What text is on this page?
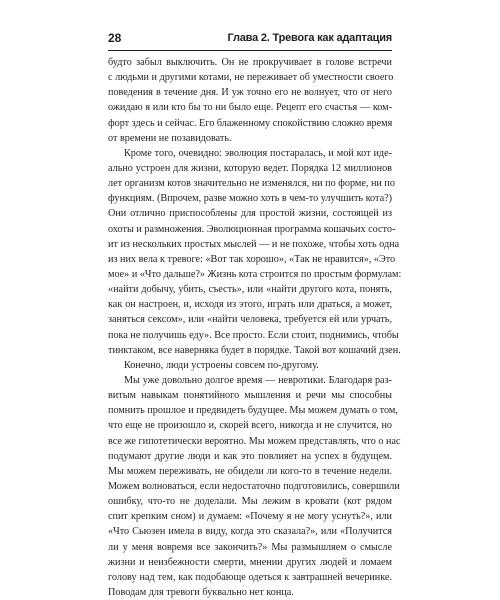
28	Глава 2. Тревога как адаптация
будто забыл выключить. Он не прокручивает в голове встречи
с людьми и другими котами, не переживает об уместности своего
поведения в течение дня. И уж точно его не волнует, что от него
ожидаю я или кто бы то ни было еще. Рецепт его счастья — ком-
форт здесь и сейчас. Его блаженному спокойствию сложно время
от времени не позавидовать.
Кроме того, очевидно: эволюция постаралась, и мой кот иде-
ально устроен для жизни, которую ведет. Порядка 12 миллионов
лет организм котов значительно не изменялся, ни по форме, ни по
функциям. (Впрочем, разве можно хоть в чем-то улучшить кота?)
Они отлично приспособлены для простой жизни, состоящей из
охоты и размножения. Эволюционная программа кошачьих состо-
ит из нескольких простых мыслей — и не похоже, чтобы хоть одна
из них вела к тревоге: «Вот так хорошо», «Так не нравится», «Это
мое» и «Что дальше?» Жизнь кота строится по простым формулам:
«найти добычу, убить, съесть», или «найти другого кота, понять,
как он настроен, и, исходя из этого, играть или драться, а может,
заняться сексом», или «найти человека, требуется ей или урчать,
пока не получишь еду». Все просто. Если стоит, поднимись, чтобы
тинктаком, все наверняка будет в порядке. Такой вот кошачий дзен.
Конечно, люди устроены совсем по-другому.
Мы уже довольно долгое время — невротики. Благодаря раз-
витым навыкам понятийного мышления и речи мы способны
помнить прошлое и предвидеть будущее. Мы можем думать о том,
что еще не произошло и, скорей всего, никогда и не случится, но
все же гипотетически вероятно. Мы можем представлять, что о нас
подумают другие люди и как это повлияет на успех в будущем.
Мы можем переживать, не обидели ли кого-то в течение недели.
Можем волноваться, если недостаточно подготовились, совершили
ошибку, что-то не доделали. Мы лежим в кровати (кот рядом
спит крепким сном) и думаем: «Почему я не могу уснуть?», или
«Что Сьюзен имела в виду, когда это сказала?», или «Получится
ли у меня вовремя все закончить?» Мы размышляем о смысле
жизни и неизбежности смерти, мнении других людей и ломаем
голову над тем, как подобающе одеться к завтрашней вечеринке.
Поводам для тревоги буквально нет конца.
